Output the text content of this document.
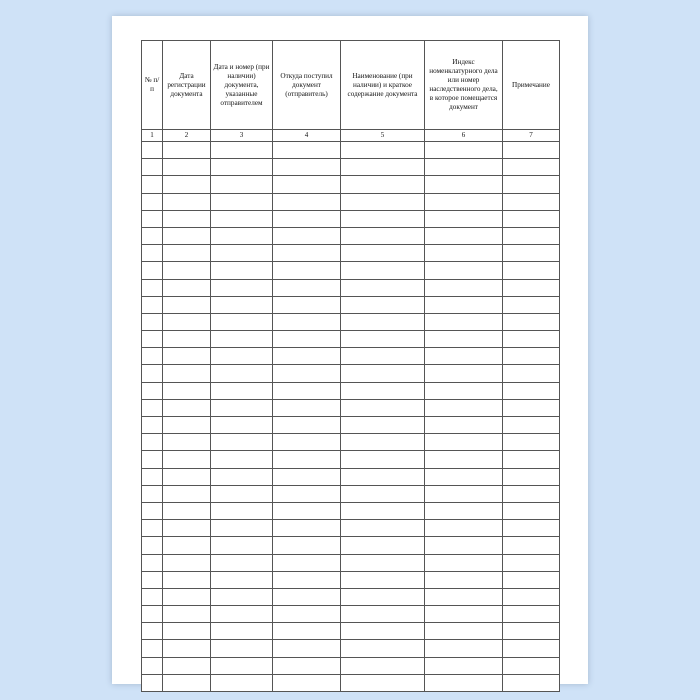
№ п/п	Дата регистрации документа	Дата и номер (при наличии) документа, указанные отправителем	Откуда поступил документ (отправитель)	Наименование (при наличии) и краткое содержание документа	Индекс номенклатурного дела или номер наследственного дела, в которое помещается документ	Примечание
1	2	3	4	5	6	7
